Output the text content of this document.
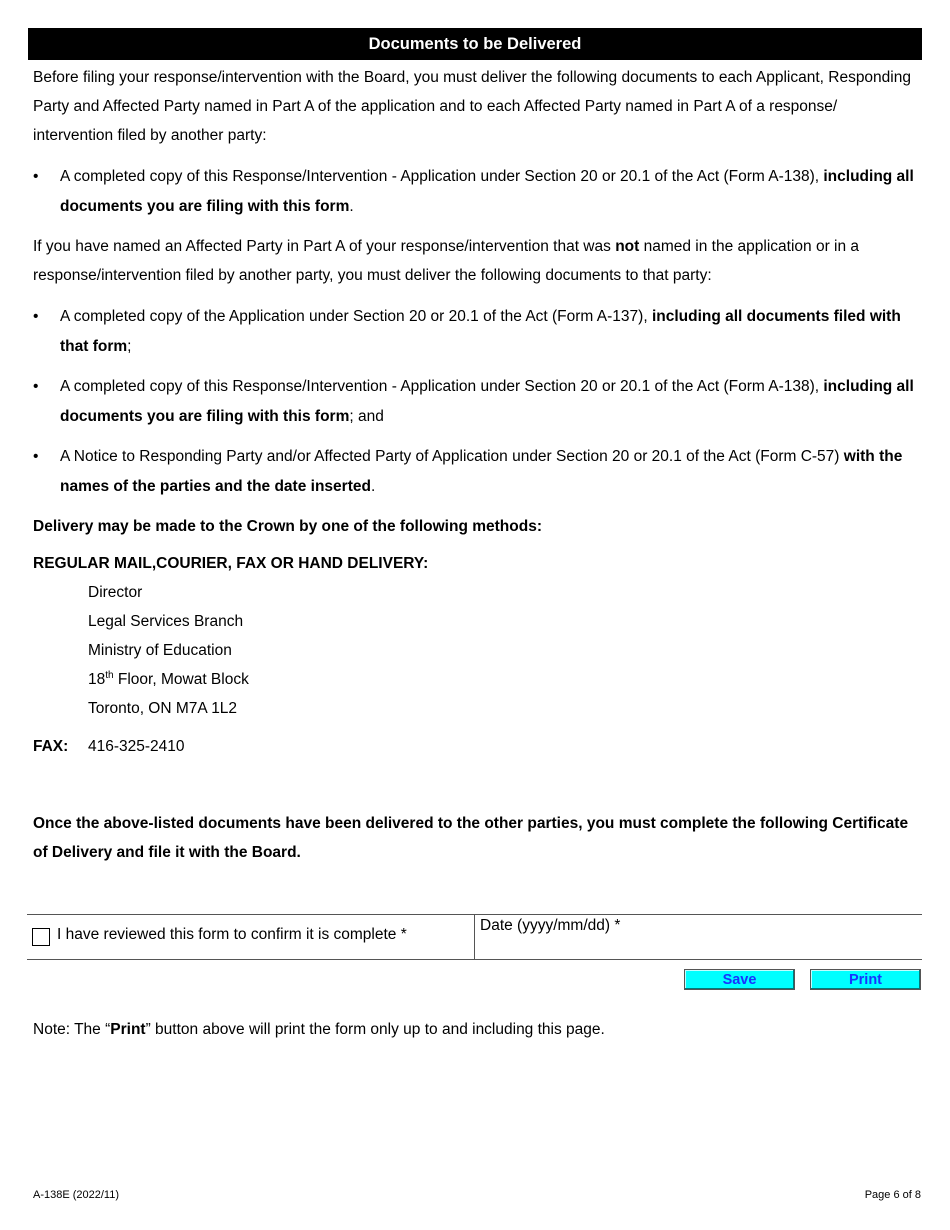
Documents to be Delivered

Before filing your response/intervention with the Board, you must deliver the following documents to each Applicant, Responding Party and Affected Party named in Part A of the application and to each Affected Party named in Part A of a response/ intervention filed by another party:

• A completed copy of this Response/Intervention - Application under Section 20 or 20.1 of the Act (Form A-138), including all documents you are filing with this form.

If you have named an Affected Party in Part A of your response/intervention that was not named in the application or in a response/intervention filed by another party, you must deliver the following documents to that party:

• A completed copy of the Application under Section 20 or 20.1 of the Act (Form A-137), including all documents filed with that form;
• A completed copy of this Response/Intervention - Application under Section 20 or 20.1 of the Act (Form A-138), including all documents you are filing with this form; and
• A Notice to Responding Party and/or Affected Party of Application under Section 20 or 20.1 of the Act (Form C-57) with the names of the parties and the date inserted.
Delivery may be made to the Crown by one of the following methods:
REGULAR MAIL,COURIER, FAX OR HAND DELIVERY:
Director
Legal Services Branch
Ministry of Education
18th Floor, Mowat Block
Toronto, ON M7A 1L2
FAX: 416-325-2410

Once the above-listed documents have been delivered to the other parties, you must complete the following Certificate of Delivery and file it with the Board.

I have reviewed this form to confirm it is complete *
Date (yyyy/mm/dd) *
Save	Print
Note: The “Print” button above will print the form only up to and including this page.
A-138E (2022/11)	Page 6 of 8
